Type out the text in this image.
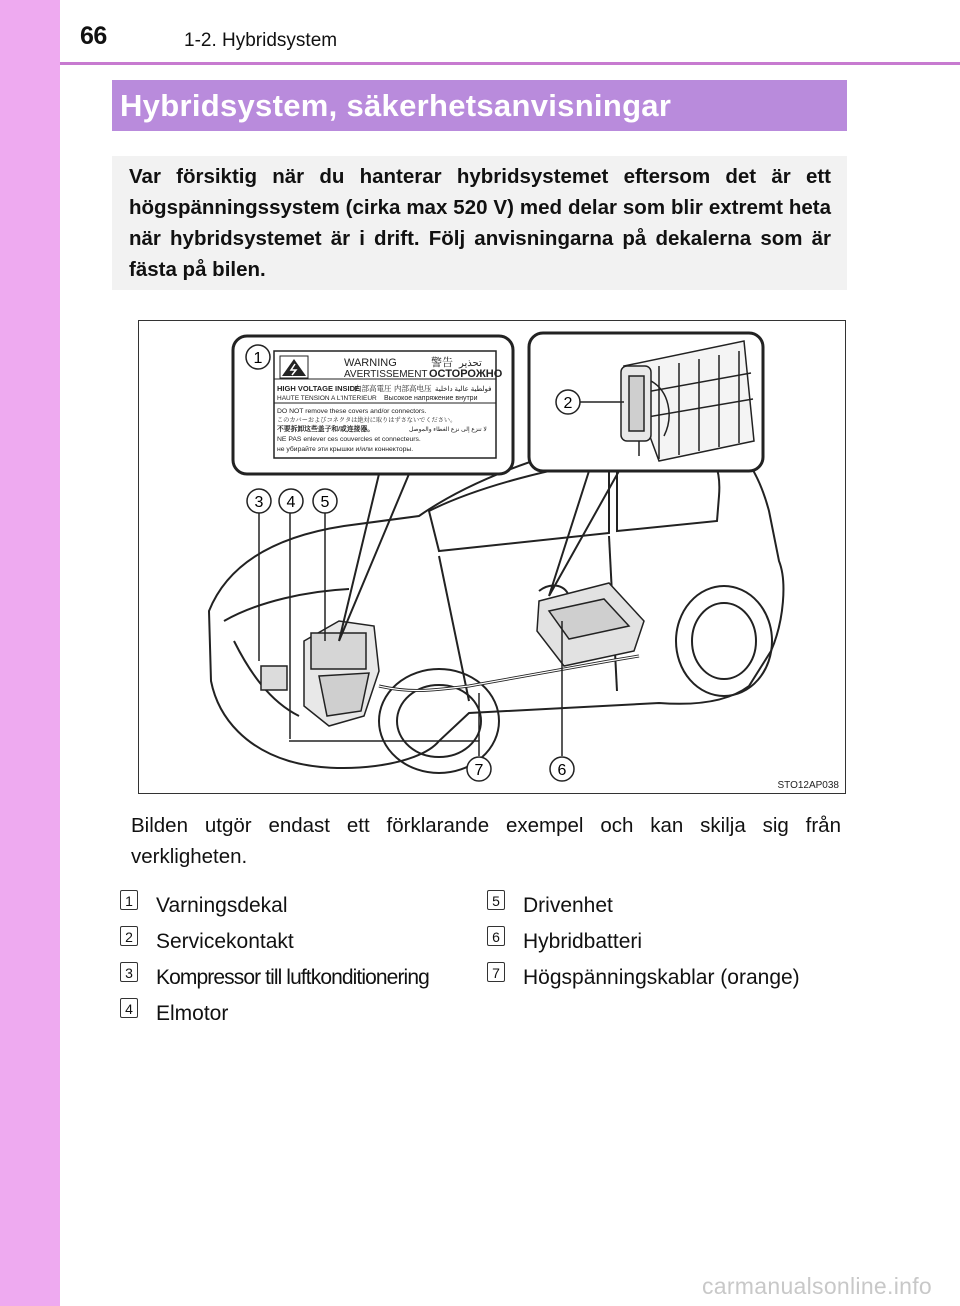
66	1-2. Hybridsystem
Hybridsystem, säkerhetsanvisningar
Var försiktig när du hanterar hybridsystemet eftersom det är ett högspänningssystem (cirka max 520 V) med delar som blir extremt heta när hybridsystemet är i drift. Följ anvisningarna på dekalerna som är fästa på bilen.
WARNING	警告 تحذير
AVERTISSEMENT ОСТОРОЖНО
HIGH VOLTAGE INSIDE
内部高電圧 内部高电压 فولطية عالية داخلية
HAUTE TENSION A L'INTERIEUR Высокое напряжение внутри
DO NOT remove these covers and/or connectors.
このカバーおよびコネクタは絶対に取りはずさないでください。
不要拆卸这些盖子和/或连接器。	لا تنزع إلى نزع الغطاء والموصل
NE PAS enlever ces couvercles et connecteurs.
не убирайте эти крышки и/или коннекторы.
1
2
3 4 5
6
7
STO12AP038
Bilden utgör endast ett förklarande exempel och kan skilja sig från verkligheten.
1 Varningsdekal
2 Servicekontakt
3 Kompressor till luftkonditionering
4 Elmotor
5 Drivenhet
6 Hybridbatteri
7 Högspänningskablar (orange)
carmanualsonline.info
